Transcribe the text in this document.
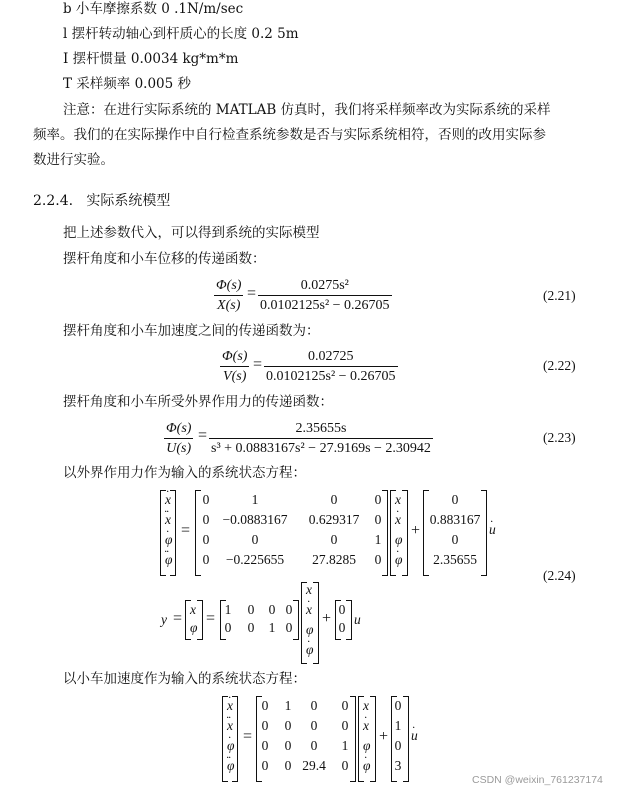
b 小车摩擦系数 0 .1N/m/sec
l 摆杆转动轴心到杆质心的长度 0.2 5m
I 摆杆惯量 0.0034 kg*m*m
T 采样频率 0.005 秒
注意：在进行实际系统的 MATLAB 仿真时，我们将采样频率改为实际系统的采样
频率。我们的在实际操作中自行检查系统参数是否与实际系统相符，否则的改用实际参
数进行实验。
2.2.4.   实际系统模型
把上述参数代入，可以得到系统的实际模型
摆杆角度和小车位移的传递函数：
Φ(s)
X(s)
=	0.0275s²
0.0102125s² − 0.26705
(2.21)
摆杆角度和小车加速度之间的传递函数为：
Φ(s)
V(s)
=	0.02725
0.0102125s² − 0.26705
(2.22)
摆杆角度和小车所受外界作用力的传递函数：
Φ(s)
U(s)
=	2.35655s
s³ + 0.0883167s² − 27.9169s − 2.30942
(2.23)
以外界作用力作为输入的系统状态方程：
· x
·· x
· φ
·· φ
=
0	1	0	0
0 −0.0883167	0.629317	0
0	0	0	1
0	−0.225655	27.8285	0
x
· x
φ
· φ
+
0
0.883167
0
2.35655
· u
(2.24)
y =
x
φ
=
1 0 0 0
0 0 1 0
x
· x
φ
· φ
+
0
0
u
以小车加速度作为输入的系统状态方程：
· x
·· x
· φ
·· φ
=
0 1	0	0
0 0	0	0
0 0	0	1
0 0 29.4 0
x
· x
φ
· φ
+
0
1
0
3
· u
CSDN @weixin_761237174
